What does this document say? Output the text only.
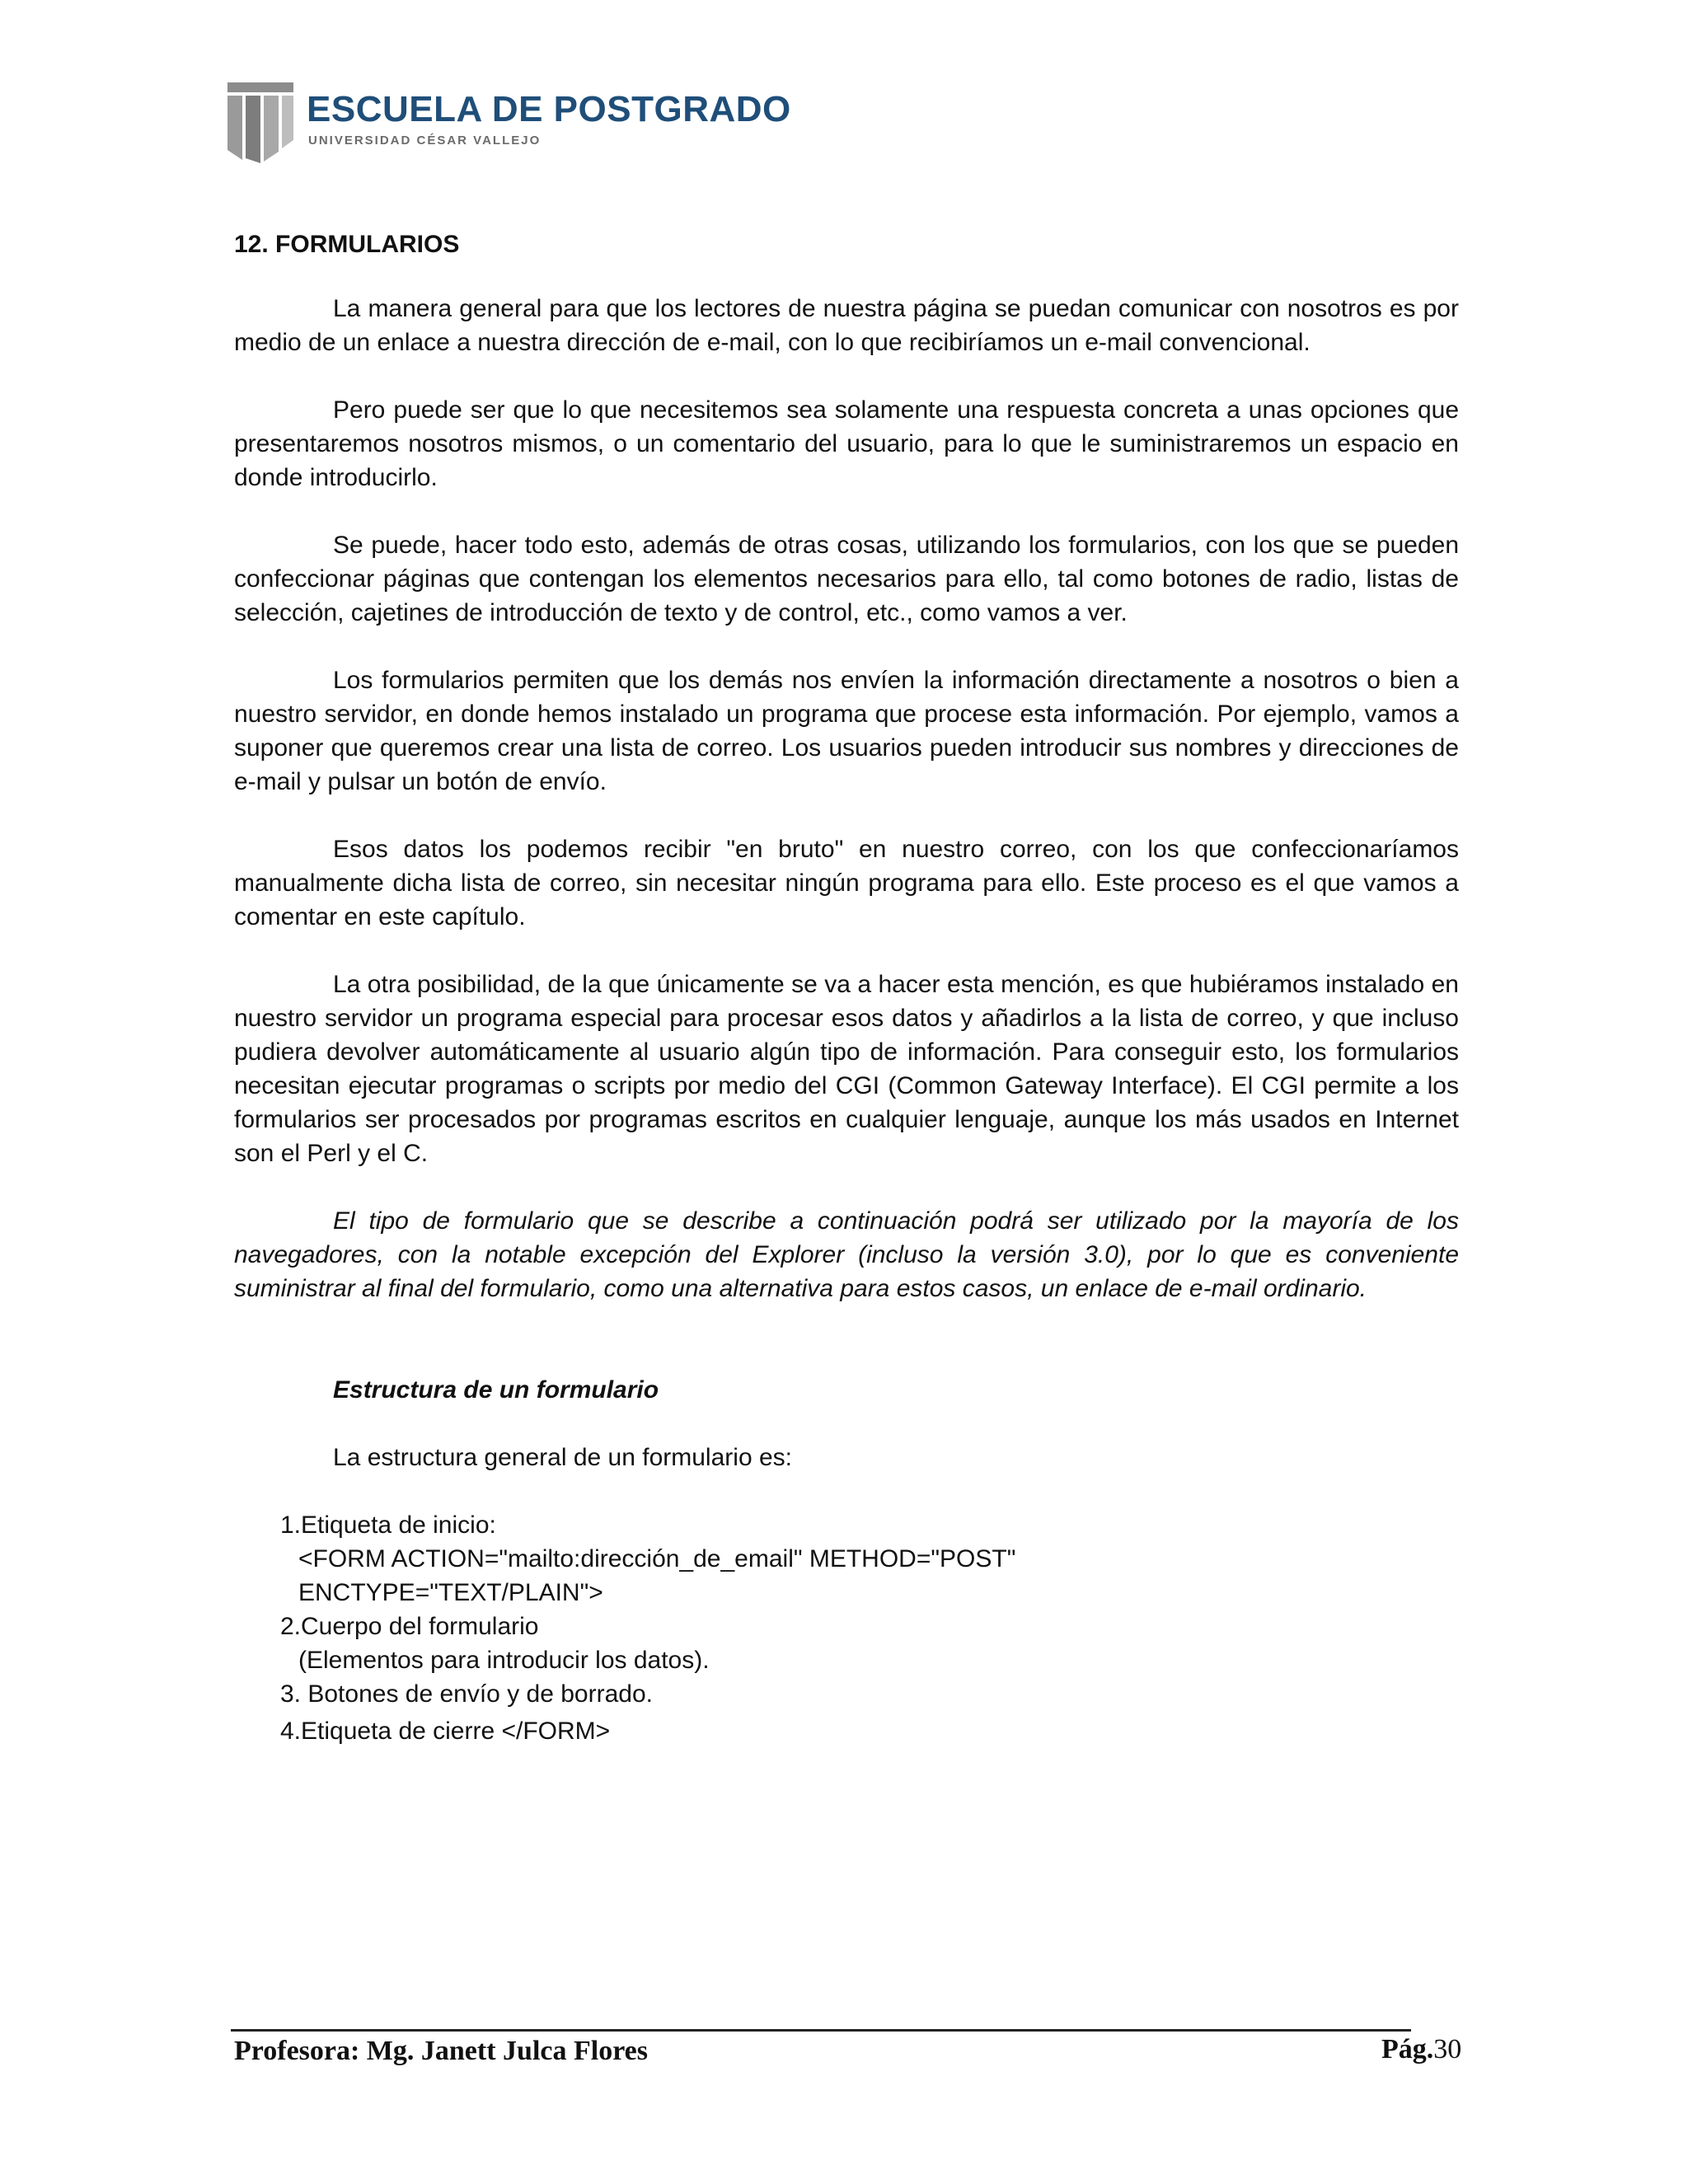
ESCUELA DE POSTGRADO
UNIVERSIDAD CÉSAR VALLEJO
12. FORMULARIOS

La manera general para que los lectores de nuestra página se puedan comunicar con nosotros es por medio de un enlace a nuestra dirección de e-mail, con lo que recibiríamos un e-mail convencional.

Pero puede ser que lo que necesitemos sea solamente una respuesta concreta a unas opciones que presentaremos nosotros mismos, o un comentario del usuario, para lo que le suministraremos un espacio en donde introducirlo.

Se puede, hacer todo esto, además de otras cosas, utilizando los formularios, con los que se pueden confeccionar páginas que contengan los elementos necesarios para ello, tal como botones de radio, listas de selección, cajetines de introducción de texto y de control, etc., como vamos a ver.

Los formularios permiten que los demás nos envíen la información directamente a nosotros o bien a nuestro servidor, en donde hemos instalado un programa que procese esta información. Por ejemplo, vamos a suponer que queremos crear una lista de correo. Los usuarios pueden introducir sus nombres y direcciones de e-mail y pulsar un botón de envío.

Esos datos los podemos recibir "en bruto" en nuestro correo, con los que confeccionaríamos manualmente dicha lista de correo, sin necesitar ningún programa para ello. Este proceso es el que vamos a comentar en este capítulo.

La otra posibilidad, de la que únicamente se va a hacer esta mención, es que hubiéramos instalado en nuestro servidor un programa especial para procesar esos datos y añadirlos a la lista de correo, y que incluso pudiera devolver automáticamente al usuario algún tipo de información. Para conseguir esto, los formularios necesitan ejecutar programas o scripts por medio del CGI (Common Gateway Interface). El CGI permite a los formularios ser procesados por programas escritos en cualquier lenguaje, aunque los más usados en Internet son el Perl y el C.

El tipo de formulario que se describe a continuación podrá ser utilizado por la mayoría de los navegadores, con la notable excepción del Explorer (incluso la versión 3.0), por lo que es conveniente suministrar al final del formulario, como una alternativa para estos casos, un enlace de e-mail ordinario.

Estructura de un formulario
La estructura general de un formulario es:
1.Etiqueta de inicio:
<FORM ACTION="mailto:dirección_de_email" METHOD="POST"
ENCTYPE="TEXT/PLAIN">
2.Cuerpo del formulario
(Elementos para introducir los datos).
3. Botones de envío y de borrado.
4.Etiqueta de cierre </FORM>
Profesora: Mg. Janett Julca Flores	Pág.30
